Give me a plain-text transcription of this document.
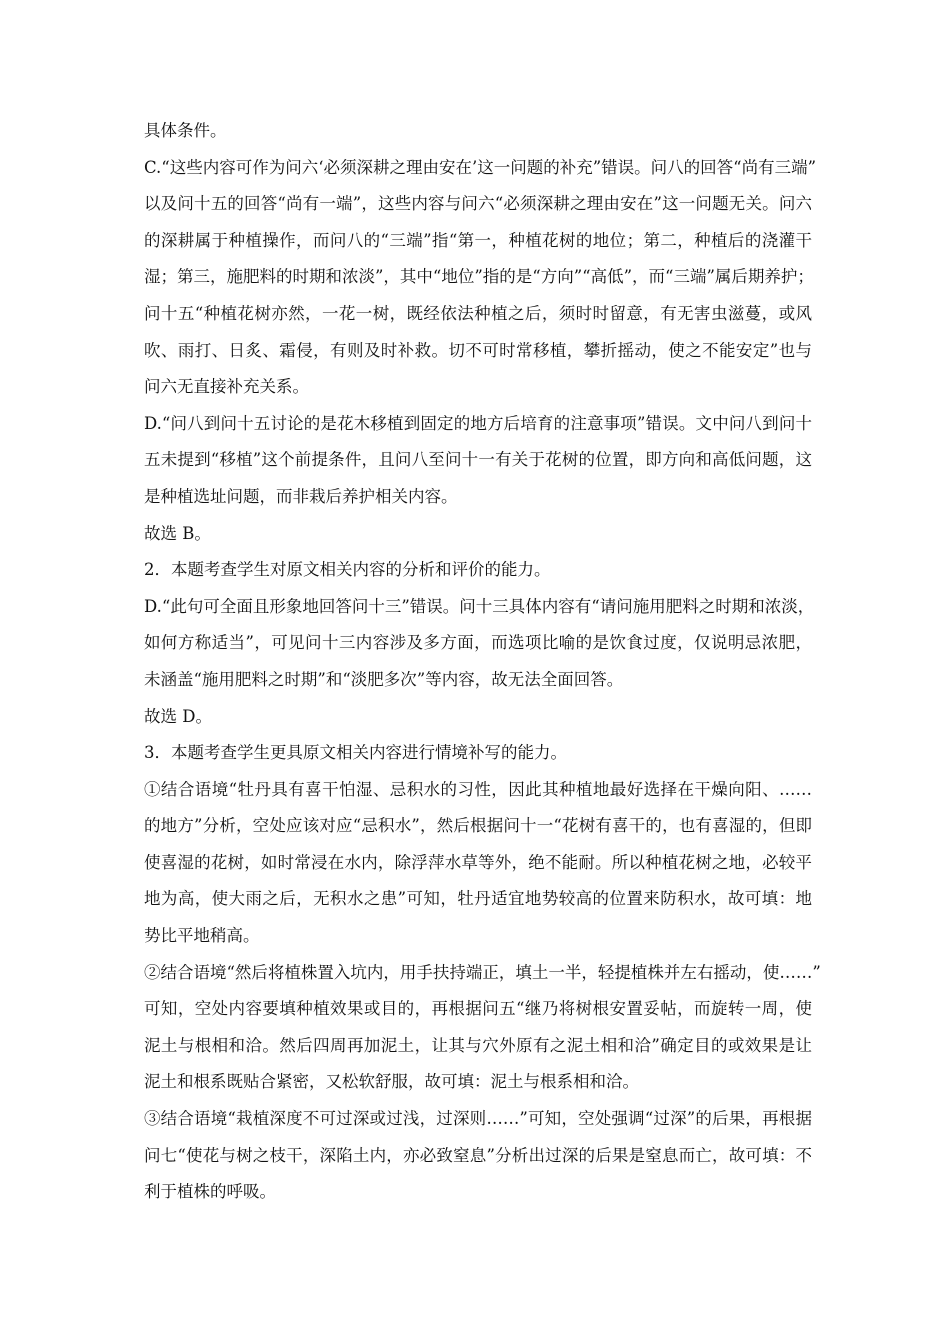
具体条件。
C.“这些内容可作为问六‘必须深耕之理由安在’这一问题的补充”错误。问八的回答“尚有三端”
以及问十五的回答“尚有一端”，这些内容与问六“必须深耕之理由安在”这一问题无关。问六
的深耕属于种植操作，而问八的“三端”指“第一，种植花树的地位；第二，种植后的浇灌干
湿；第三，施肥料的时期和浓淡”，其中“地位”指的是“方向”“高低”，而“三端”属后期养护；
问十五“种植花树亦然，一花一树，既经依法种植之后，须时时留意，有无害虫滋蔓，或风
吹、雨打、日炙、霜侵，有则及时补救。切不可时常移植，攀折摇动，使之不能安定”也与
问六无直接补充关系。
D.“问八到问十五讨论的是花木移植到固定的地方后培育的注意事项”错误。文中问八到问十
五未提到“移植”这个前提条件，且问八至问十一有关于花树的位置，即方向和高低问题，这
是种植选址问题，而非栽后养护相关内容。
故选 B。
2．本题考查学生对原文相关内容的分析和评价的能力。
D.“此句可全面且形象地回答问十三”错误。问十三具体内容有“请问施用肥料之时期和浓淡，
如何方称适当”，可见问十三内容涉及多方面，而选项比喻的是饮食过度，仅说明忌浓肥，
未涵盖“施用肥料之时期”和“淡肥多次”等内容，故无法全面回答。
故选 D。
3．本题考查学生更具原文相关内容进行情境补写的能力。
①结合语境“牡丹具有喜干怕湿、忌积水的习性，因此其种植地最好选择在干燥向阳、……
的地方”分析，空处应该对应“忌积水”，然后根据问十一“花树有喜干的，也有喜湿的，但即
使喜湿的花树，如时常浸在水内，除浮萍水草等外，绝不能耐。所以种植花树之地，必较平
地为高，使大雨之后，无积水之患”可知，牡丹适宜地势较高的位置来防积水，故可填：地
势比平地稍高。
②结合语境“然后将植株置入坑内，用手扶持端正，填土一半，轻提植株并左右摇动，使……”
可知，空处内容要填种植效果或目的，再根据问五“继乃将树根安置妥帖，而旋转一周，使
泥土与根相和洽。然后四周再加泥土，让其与穴外原有之泥土相和洽”确定目的或效果是让
泥土和根系既贴合紧密，又松软舒服，故可填：泥土与根系相和洽。
③结合语境“栽植深度不可过深或过浅，过深则……”可知，空处强调“过深”的后果，再根据
问七“使花与树之枝干，深陷土内，亦必致窒息”分析出过深的后果是窒息而亡，故可填：不
利于植株的呼吸。
